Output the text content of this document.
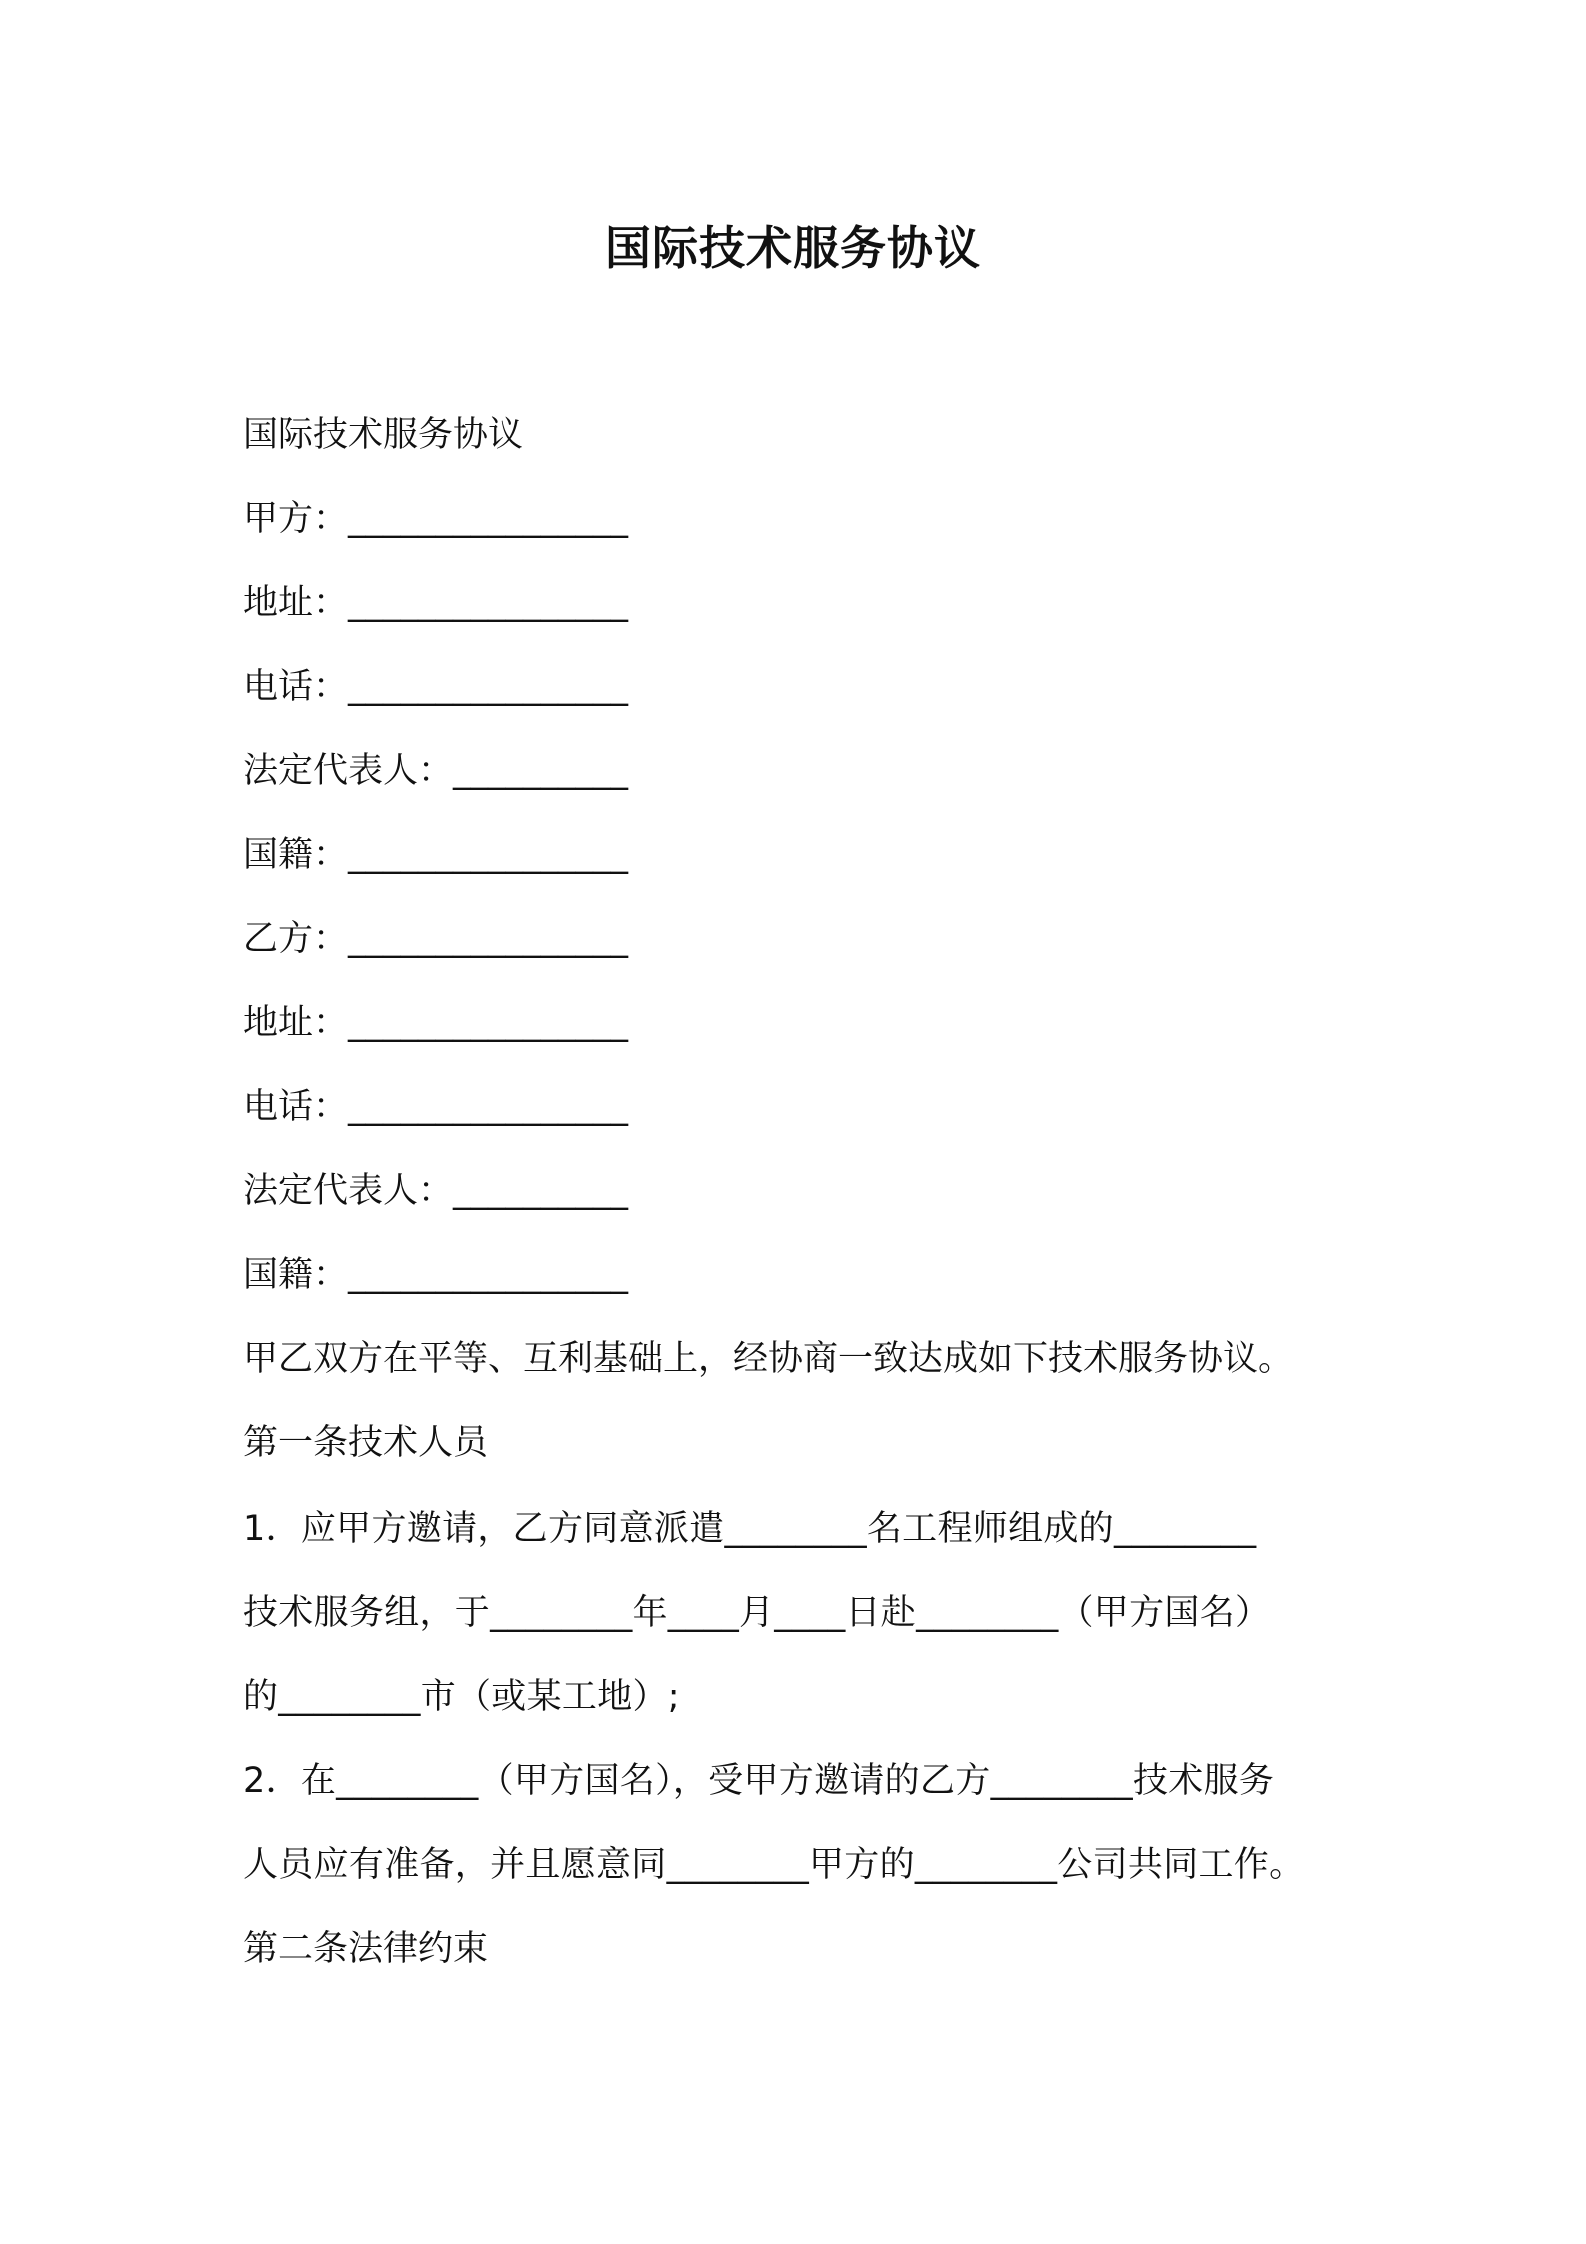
国际技术服务协议

国际技术服务协议

甲方：________________

地址：________________

电话：________________

法定代表人：__________

国籍：________________

乙方：________________

地址：________________

电话：________________

法定代表人：__________

国籍：________________

甲乙双方在平等、互利基础上，经协商一致达成如下技术服务协议。

第一条技术人员

1．应甲方邀请，乙方同意派遣________名工程师组成的________

技术服务组，于________年____月____日赴________（甲方国名）

的________市（或某工地）;

2．在________（甲方国名），受甲方邀请的乙方________技术服务

人员应有准备，并且愿意同________甲方的________公司共同工作。

第二条法律约束
